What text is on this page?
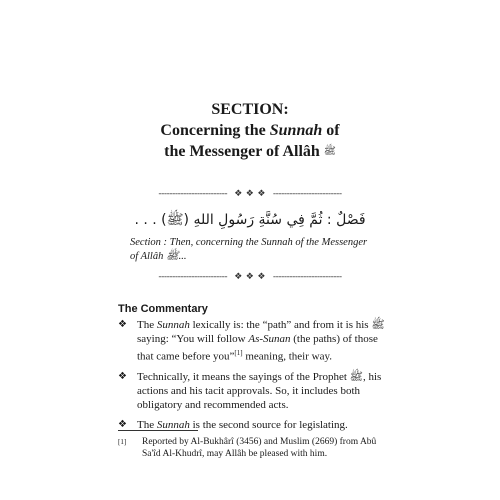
SECTION:
Concerning the Sunnah of
the Messenger of Allâh ﷺ
------------------------- ❖ ❖ ❖ -------------------------
فَصْلٌ : ثُمَّ فِي سُنَّةِ رَسُولِ اللهِ (ﷺ) . . .
Section : Then, concerning the Sunnah of the Messenger of Allâh ﷺ...
------------------------- ❖ ❖ ❖ -------------------------
The Commentary
❖ The Sunnah lexically is: the “path” and from it is his ﷺ saying: “You will follow As-Sunan (the paths) of those that came before you”[1] meaning, their way.
❖ Technically, it means the sayings of the Prophet ﷺ, his actions and his tacit approvals. So, it includes both obligatory and recommended acts.
❖ The Sunnah is the second source for legislating.
[1]	Reported by Al-Bukhârî (3456) and Muslim (2669) from Abû Sa'îd Al-Khudrî, may Allâh be pleased with him.
